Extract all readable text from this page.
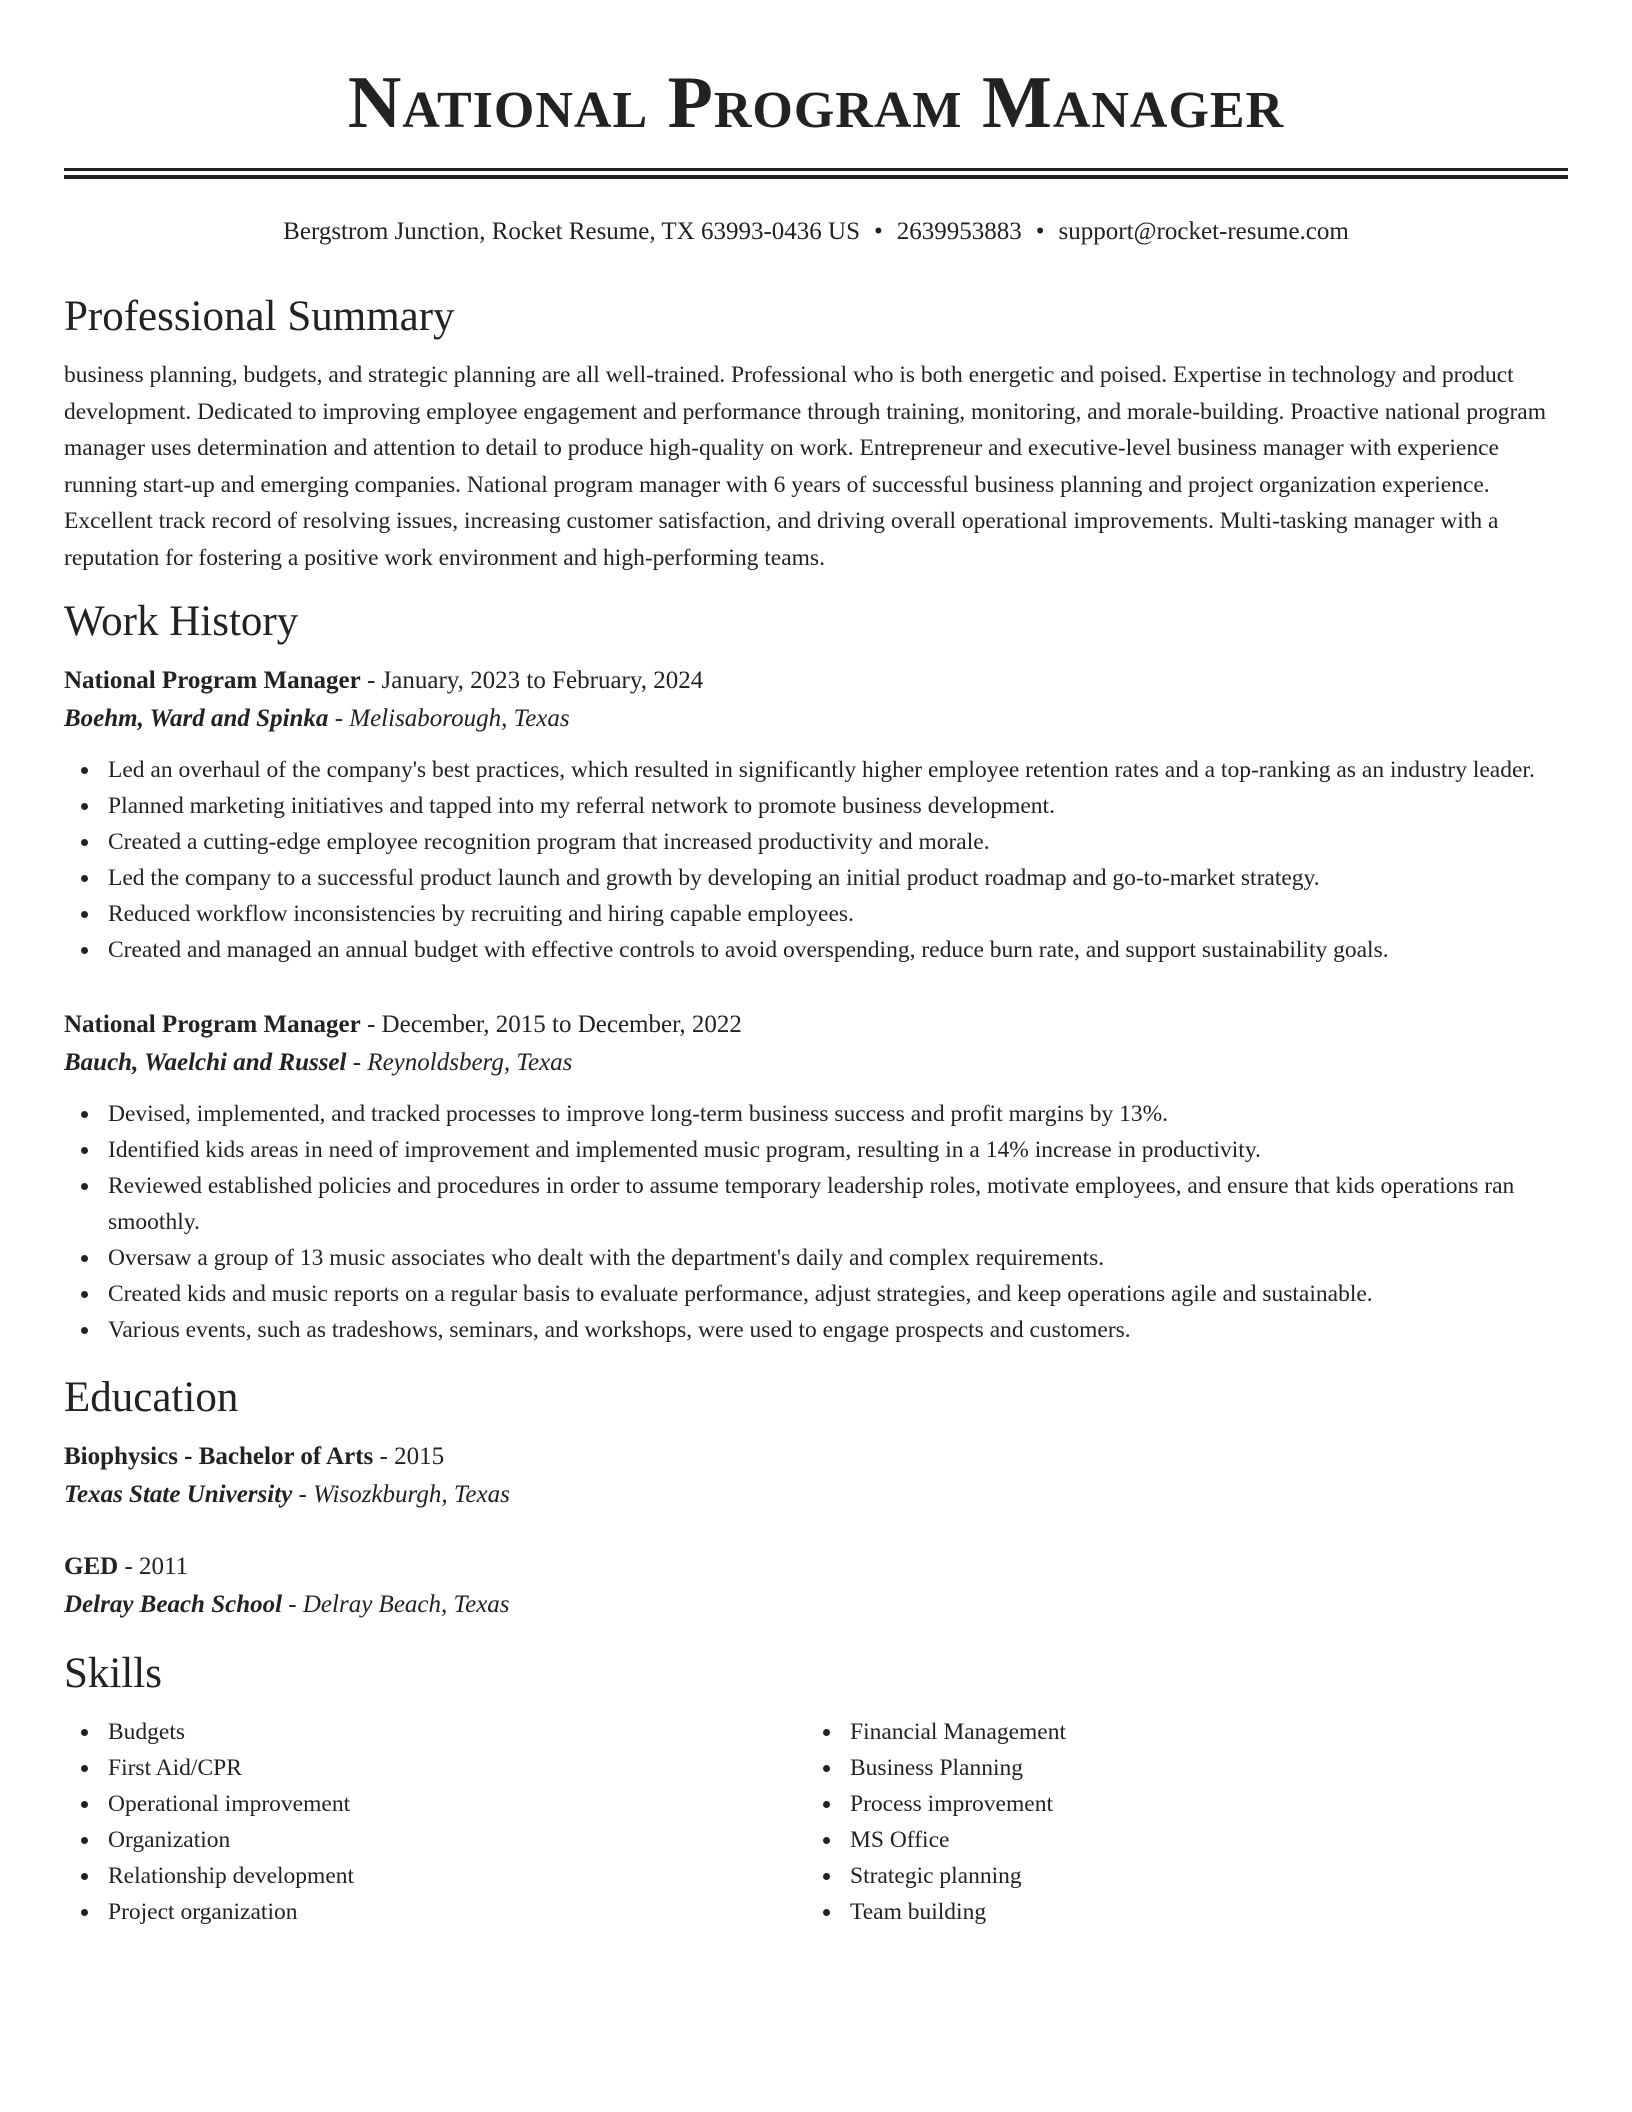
National Program Manager
Bergstrom Junction, Rocket Resume, TX 63993-0436 US • 2639953883 • support@rocket-resume.com
Professional Summary
business planning, budgets, and strategic planning are all well-trained. Professional who is both energetic and poised. Expertise in technology and product development. Dedicated to improving employee engagement and performance through training, monitoring, and morale-building. Proactive national program manager uses determination and attention to detail to produce high-quality on work. Entrepreneur and executive-level business manager with experience running start-up and emerging companies. National program manager with 6 years of successful business planning and project organization experience. Excellent track record of resolving issues, increasing customer satisfaction, and driving overall operational improvements. Multi-tasking manager with a reputation for fostering a positive work environment and high-performing teams.
Work History
National Program Manager - January, 2023 to February, 2024
Boehm, Ward and Spinka - Melisaborough, Texas
Led an overhaul of the company's best practices, which resulted in significantly higher employee retention rates and a top-ranking as an industry leader.
Planned marketing initiatives and tapped into my referral network to promote business development.
Created a cutting-edge employee recognition program that increased productivity and morale.
Led the company to a successful product launch and growth by developing an initial product roadmap and go-to-market strategy.
Reduced workflow inconsistencies by recruiting and hiring capable employees.
Created and managed an annual budget with effective controls to avoid overspending, reduce burn rate, and support sustainability goals.
National Program Manager - December, 2015 to December, 2022
Bauch, Waelchi and Russel - Reynoldsberg, Texas
Devised, implemented, and tracked processes to improve long-term business success and profit margins by 13%.
Identified kids areas in need of improvement and implemented music program, resulting in a 14% increase in productivity.
Reviewed established policies and procedures in order to assume temporary leadership roles, motivate employees, and ensure that kids operations ran smoothly.
Oversaw a group of 13 music associates who dealt with the department's daily and complex requirements.
Created kids and music reports on a regular basis to evaluate performance, adjust strategies, and keep operations agile and sustainable.
Various events, such as tradeshows, seminars, and workshops, were used to engage prospects and customers.
Education
Biophysics - Bachelor of Arts - 2015
Texas State University - Wisozkburgh, Texas
GED - 2011
Delray Beach School - Delray Beach, Texas
Skills
Budgets
First Aid/CPR
Operational improvement
Organization
Relationship development
Project organization
Financial Management
Business Planning
Process improvement
MS Office
Strategic planning
Team building
